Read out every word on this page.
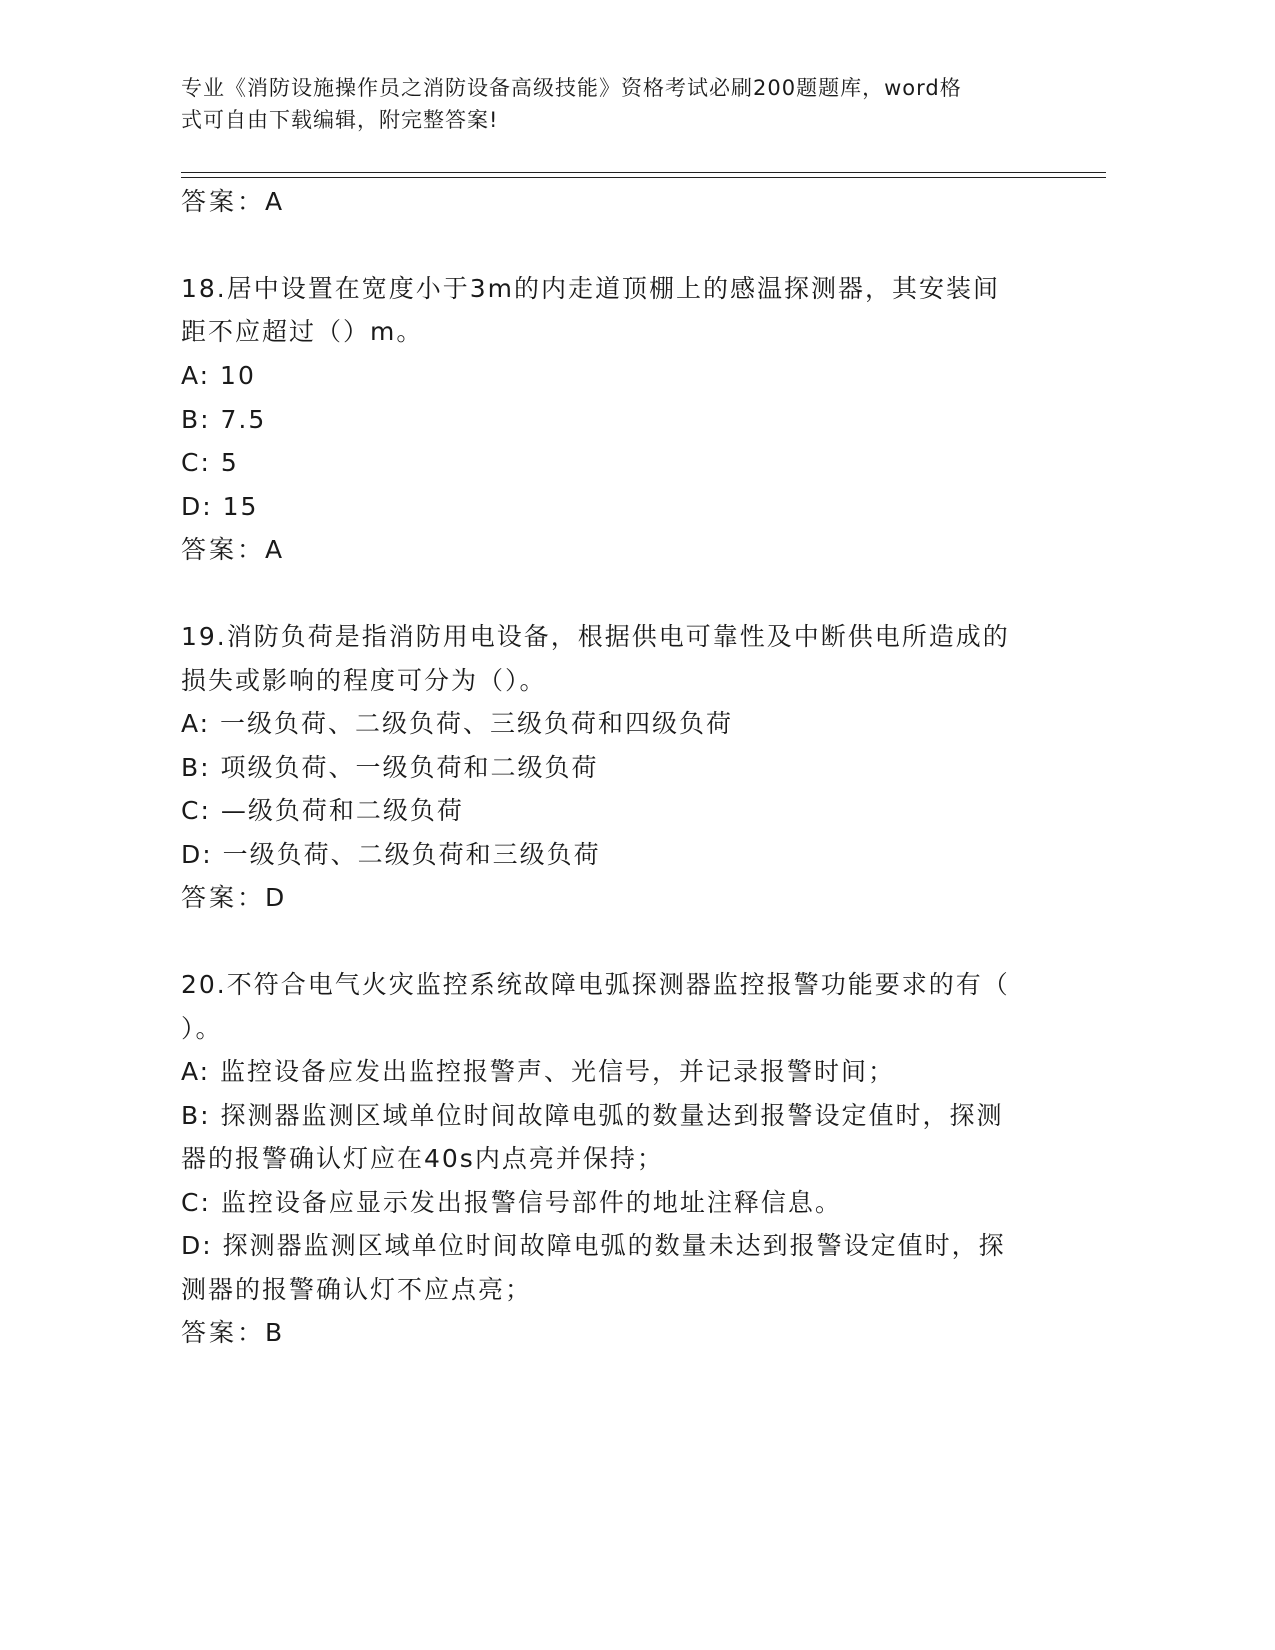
专业《消防设施操作员之消防设备高级技能》资格考试必刷200题题库，word格
式可自由下载编辑，附完整答案!
答案：A
18.居中设置在宽度小于3m的内走道顶棚上的感温探测器，其安装间
距不应超过（）m。
A: 10
B: 7.5
C: 5
D: 15
答案：A
19.消防负荷是指消防用电设备，根据供电可靠性及中断供电所造成的
损失或影响的程度可分为（）。
A: 一级负荷、二级负荷、三级负荷和四级负荷
B: 项级负荷、一级负荷和二级负荷
C: —级负荷和二级负荷
D: 一级负荷、二级负荷和三级负荷
答案：D
20.不符合电气火灾监控系统故障电弧探测器监控报警功能要求的有（
）。
A: 监控设备应发出监控报警声、光信号，并记录报警时间；
B: 探测器监测区域单位时间故障电弧的数量达到报警设定值时，探测
器的报警确认灯应在40s内点亮并保持；
C: 监控设备应显示发出报警信号部件的地址注释信息。
D: 探测器监测区域单位时间故障电弧的数量未达到报警设定值时，探
测器的报警确认灯不应点亮；
答案：B
